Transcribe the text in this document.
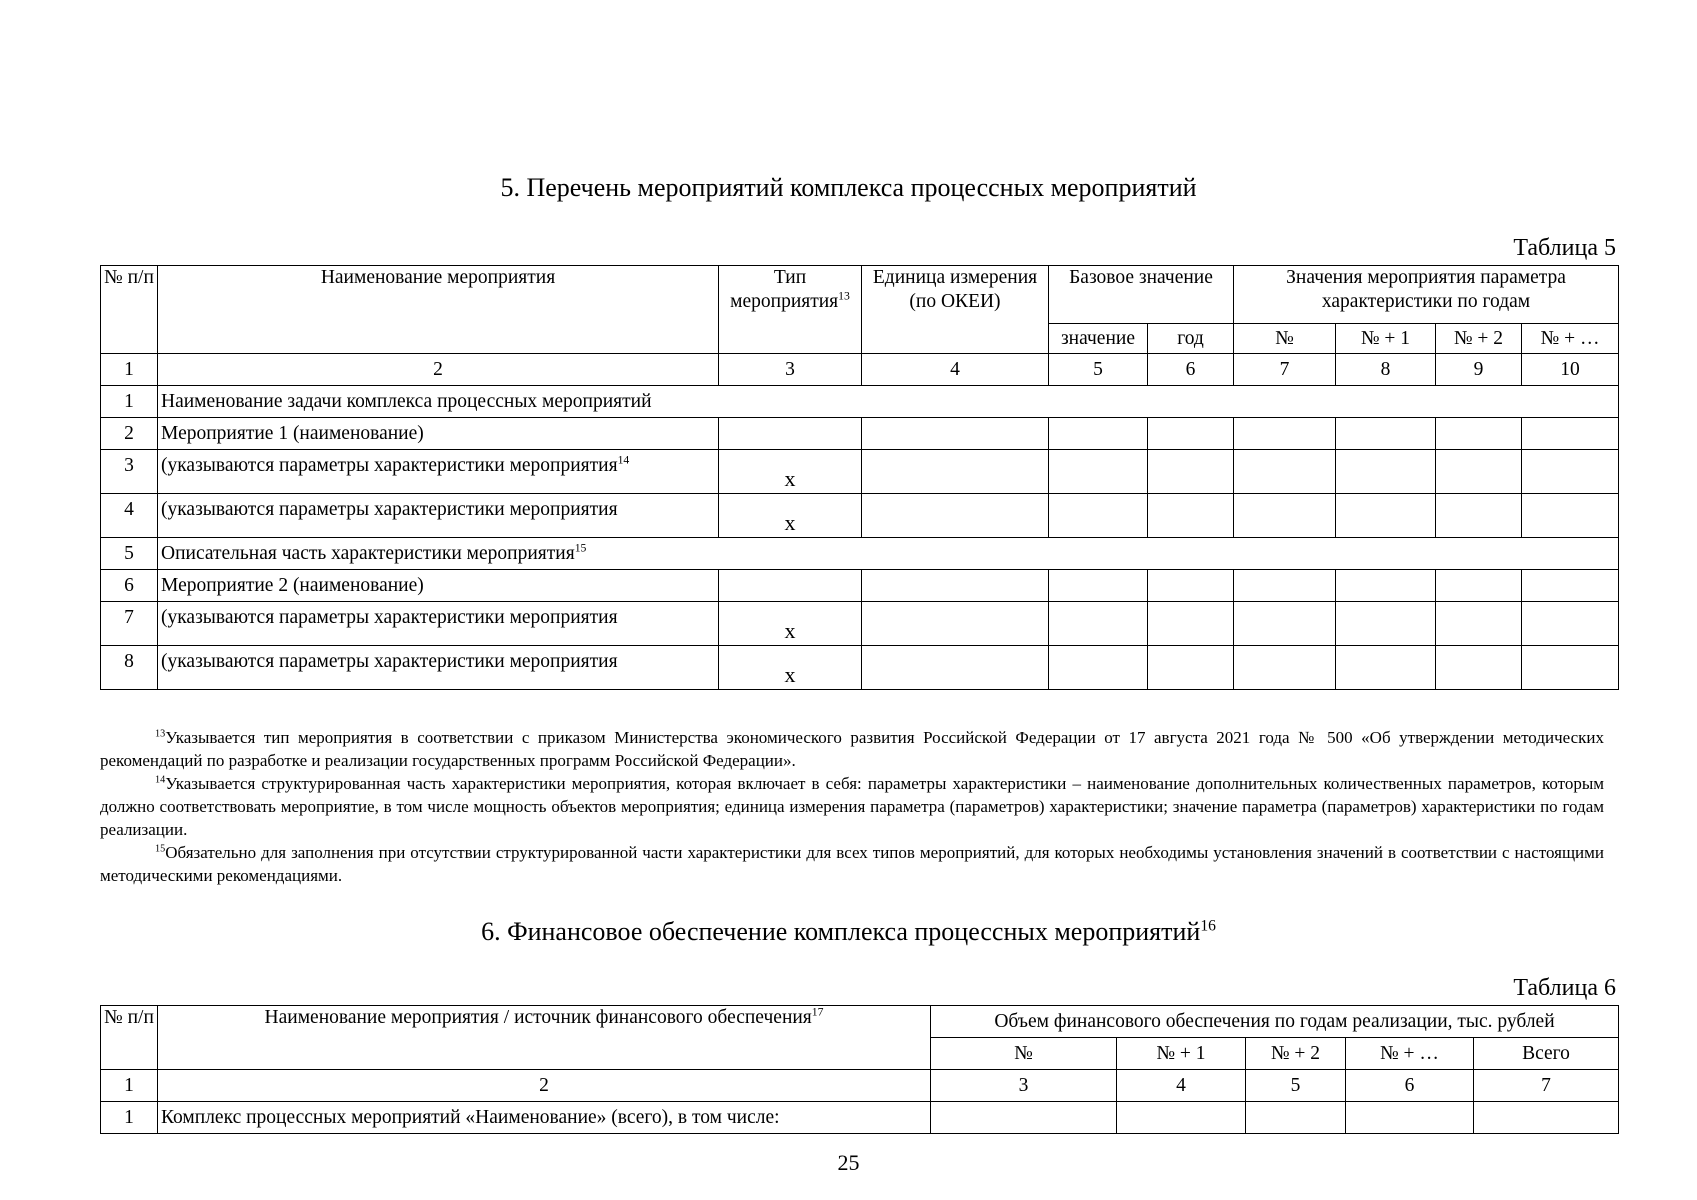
5. Перечень мероприятий комплекса процессных мероприятий
Таблица 5
№ п/п	Наименование мероприятия	Тип мероприятия$^{13}$	Единица измерения (по ОКЕИ)	Базовое значение		Значения мероприятия параметра характеристики по годам			
				значение	год	№	№ + 1	№ + 2	№ + …
1	2	3	4	5	6	7	8	9	10
1	Наименование задачи комплекса процессных мероприятий								
2	Мероприятие 1 (наименование)								
3	(указываются параметры характеристики мероприятия$^{14}$	x							
4	(указываются параметры характеристики мероприятия	x							
5	Описательная часть характеристики мероприятия$^{15}$
6	Мероприятие 2 (наименование)								
7	(указываются параметры характеристики мероприятия	x							
8	(указываются параметры характеристики мероприятия	x							

$^{13}$Указывается тип мероприятия в соответствии с приказом Министерства экономического развития Российской Федерации от 17 августа 2021 года № 500 «Об утверждении методических рекомендаций по разработке и реализации государственных программ Российской Федерации».

$^{14}$Указывается структурированная часть характеристики мероприятия, которая включает в себя: параметры характеристики – наименование дополнительных количественных параметров, которым должно соответствовать мероприятие, в том числе мощность объектов мероприятия; единица измерения параметра (параметров) характеристики; значение параметра (параметров) характеристики по годам реализации.

$^{15}$Обязательно для заполнения при отсутствии структурированной части характеристики для всех типов мероприятий, для которых необходимы установления значений в соответствии с настоящими методическими рекомендациями.

6. Финансовое обеспечение комплекса процессных мероприятий$^{16}$
Таблица 6
№ п/п	Наименование мероприятия / источник финансового обеспечения$^{17}$	Объем финансового обеспечения по годам реализации, тыс. рублей				
		№	№ + 1	№ + 2	№ + …	Всего
1	2	3	4	5	6	7
1	Комплекс процессных мероприятий «Наименование» (всего), в том числе:					
25
